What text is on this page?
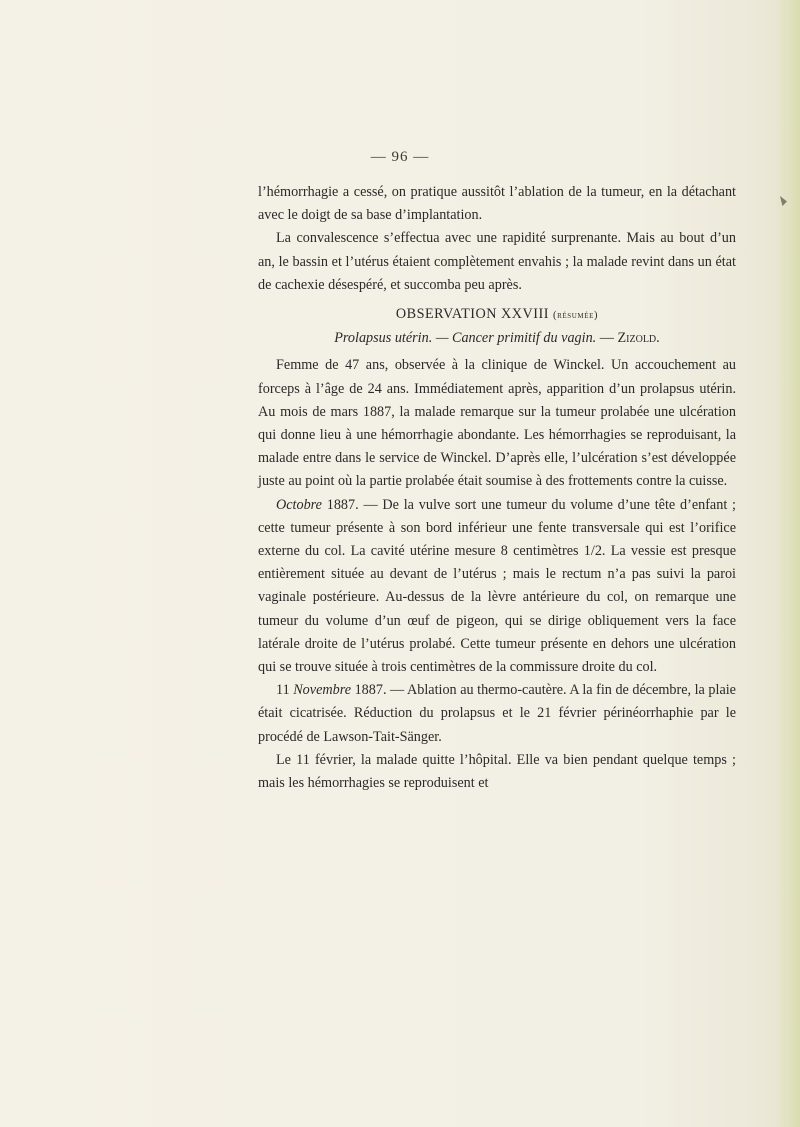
— 96 —

l’hémorrhagie a cessé, on pratique aussitôt l’ablation de la tumeur, en la détachant avec le doigt de sa base d’implantation.

La convalescence s’effectua avec une rapidité surprenante. Mais au bout d’un an, le bassin et l’utérus étaient complètement envahis ; la malade revint dans un état de cachexie désespéré, et succomba peu après.

OBSERVATION XXVIII (résumée)
Prolapsus utérin. — Cancer primitif du vagin. — Zizold.

Femme de 47 ans, observée à la clinique de Winckel. Un accouchement au forceps à l’âge de 24 ans. Immédiatement après, apparition d’un prolapsus utérin. Au mois de mars 1887, la malade remarque sur la tumeur prolabée une ulcération qui donne lieu à une hémorrhagie abondante. Les hémorrhagies se reproduisant, la malade entre dans le service de Winckel. D’après elle, l’ulcération s’est développée juste au point où la partie prolabée était soumise à des frottements contre la cuisse.

Octobre 1887. — De la vulve sort une tumeur du volume d’une tête d’enfant ; cette tumeur présente à son bord inférieur une fente transversale qui est l’orifice externe du col. La cavité utérine mesure 8 centimètres 1/2. La vessie est presque entièrement située au devant de l’utérus ; mais le rectum n’a pas suivi la paroi vaginale postérieure. Au-dessus de la lèvre antérieure du col, on remarque une tumeur du volume d’un œuf de pigeon, qui se dirige obliquement vers la face latérale droite de l’utérus prolabé. Cette tumeur présente en dehors une ulcération qui se trouve située à trois centimètres de la commissure droite du col.

11 Novembre 1887. — Ablation au thermo-cautère. A la fin de décembre, la plaie était cicatrisée. Réduction du prolapsus et le 21 février périnéorrhaphie par le procédé de Lawson-Tait-Sänger.

Le 11 février, la malade quitte l’hôpital. Elle va bien pendant quelque temps ; mais les hémorrhagies se reproduisent et
